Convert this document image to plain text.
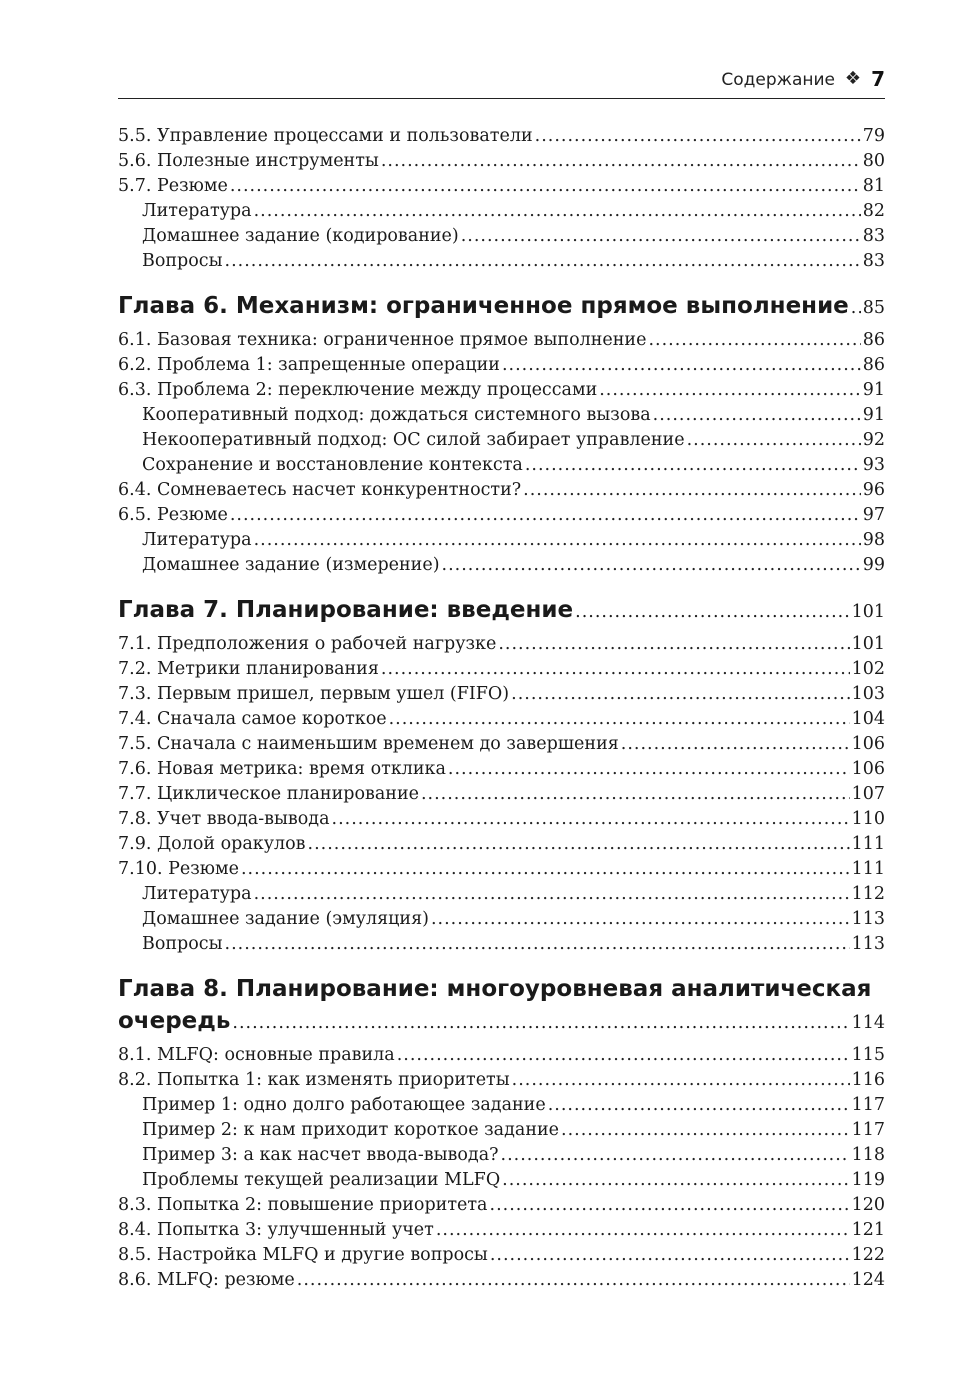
Содержание ❖ 7
5.5. Управление процессами и пользователи .....	79
5.6. Полезные инструменты .....	80
5.7. Резюме .....	81
Литература .....	82
Домашнее задание (кодирование) .....	83
Вопросы .....	83
Глава 6. Механизм: ограниченное прямое выполнение ..... 85
6.1. Базовая техника: ограниченное прямое выполнение .....	86
6.2. Проблема 1: запрещенные операции .....	86
6.3. Проблема 2: переключение между процессами .....	91
Кооперативный подход: дождаться системного вызова .....	91
Некооперативный подход: ОС силой забирает управление .....	92
Сохранение и восстановление контекста .....	93
6.4. Сомневаетесь насчет конкурентности? .....	96
6.5. Резюме .....	97
Литература .....	98
Домашнее задание (измерение) .....	99
Глава 7. Планирование: введение .....	101
7.1. Предположения о рабочей нагрузке .....	101
7.2. Метрики планирования .....	102
7.3. Первым пришел, первым ушел (FIFO) .....	103
7.4. Сначала самое короткое .....	104
7.5. Сначала с наименьшим временем до завершения .....	106
7.6. Новая метрика: время отклика .....	106
7.7. Циклическое планирование .....	107
7.8. Учет ввода-вывода .....	110
7.9. Долой оракулов .....	111
7.10. Резюме .....	111
Литература .....	112
Домашнее задание (эмуляция) .....	113
Вопросы .....	113
Глава 8. Планирование: многоуровневая аналитическая
очередь .....	114
8.1. MLFQ: основные правила .....	115
8.2. Попытка 1: как изменять приоритеты .....	116
Пример 1: одно долго работающее задание .....	117
Пример 2: к нам приходит короткое задание .....	117
Пример 3: а как насчет ввода-вывода? .....	118
Проблемы текущей реализации MLFQ .....	119
8.3. Попытка 2: повышение приоритета .....	120
8.4. Попытка 3: улучшенный учет .....	121
8.5. Настройка MLFQ и другие вопросы .....	122
8.6. MLFQ: резюме .....	124
